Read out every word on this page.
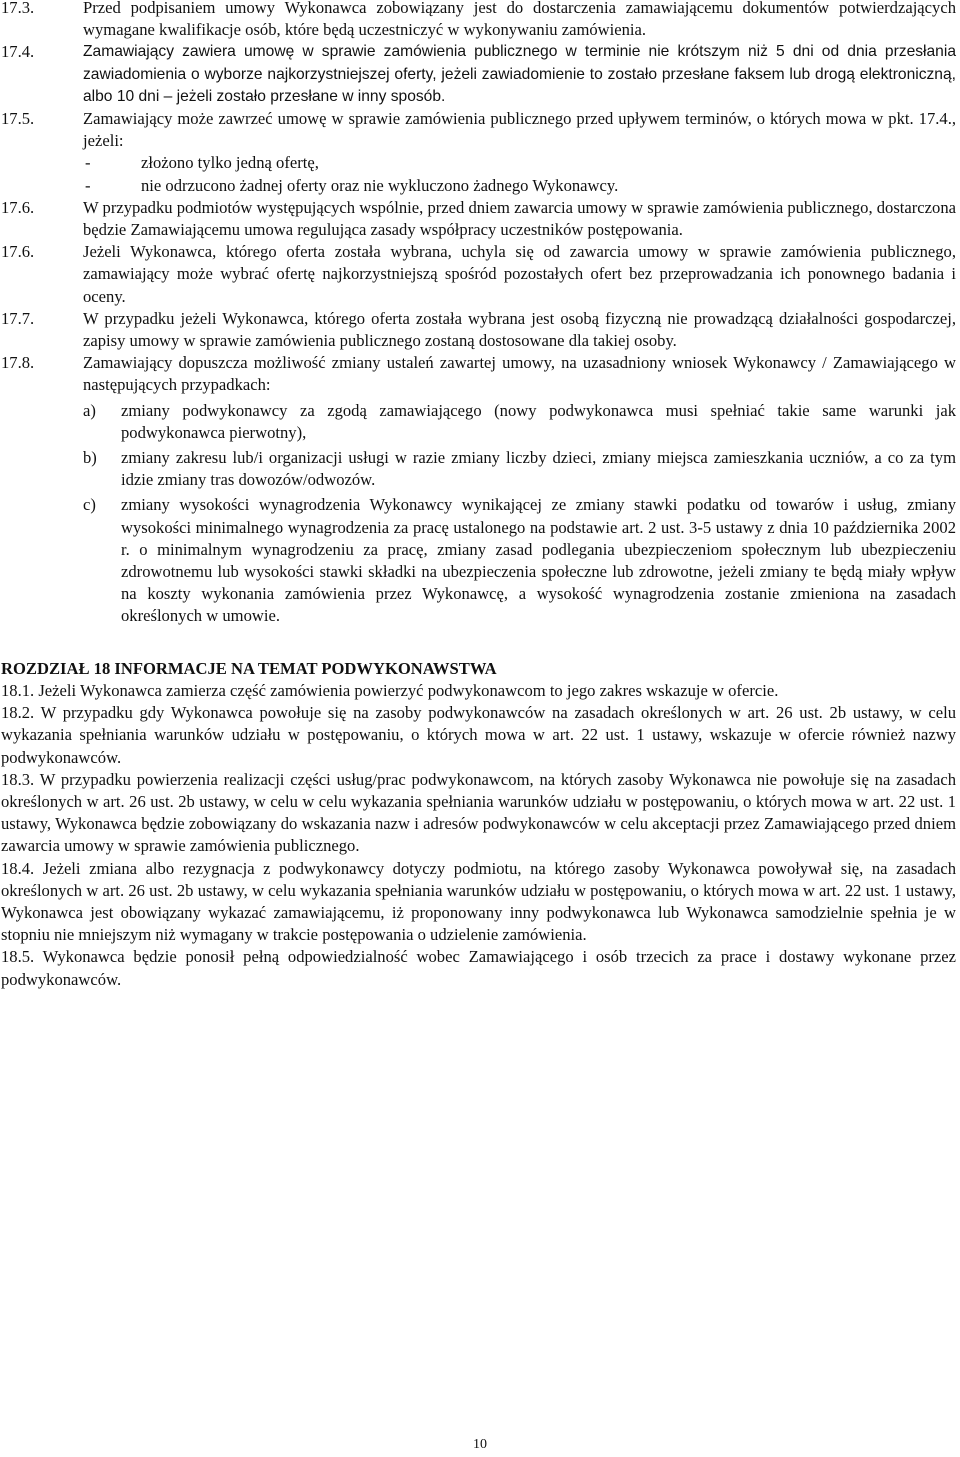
17.3.	Przed podpisaniem umowy Wykonawca zobowiązany jest do dostarczenia zamawiającemu dokumentów potwierdzających wymagane kwalifikacje osób, które będą uczestniczyć w wykonywaniu zamówienia.
17.4.	Zamawiający zawiera umowę w sprawie zamówienia publicznego w terminie nie krótszym niż 5 dni od dnia przesłania zawiadomienia o wyborze najkorzystniejszej oferty, jeżeli zawiadomienie to zostało przesłane faksem lub drogą elektroniczną, albo 10 dni – jeżeli zostało przesłane w inny sposób.
17.5.	Zamawiający może zawrzeć umowę w sprawie zamówienia publicznego przed upływem terminów, o których mowa w pkt. 17.4., jeżeli:
-	złożono tylko jedną ofertę,
-	nie odrzucono żadnej oferty oraz nie wykluczono żadnego Wykonawcy.
17.6.	W przypadku podmiotów występujących wspólnie, przed dniem zawarcia umowy w sprawie zamówienia publicznego, dostarczona będzie Zamawiającemu umowa regulująca zasady współpracy uczestników postępowania.
17.6.	Jeżeli Wykonawca, którego oferta została wybrana, uchyla się od zawarcia umowy w sprawie zamówienia publicznego, zamawiający może wybrać ofertę najkorzystniejszą spośród pozostałych ofert bez przeprowadzania ich ponownego badania i oceny.
17.7.	W przypadku jeżeli Wykonawca, którego oferta została wybrana jest osobą fizyczną nie prowadzącą działalności gospodarczej, zapisy umowy w sprawie zamówienia publicznego zostaną dostosowane dla takiej osoby.
17.8.	Zamawiający dopuszcza możliwość zmiany ustaleń zawartej umowy, na uzasadniony wniosek Wykonawcy / Zamawiającego w następujących przypadkach:
a)	zmiany podwykonawcy za zgodą zamawiającego (nowy podwykonawca musi spełniać takie same warunki jak podwykonawca pierwotny),
b)	zmiany zakresu lub/i organizacji usługi w razie zmiany liczby dzieci, zmiany miejsca zamieszkania uczniów, a co za tym idzie zmiany tras dowozów/odwozów.
c)	zmiany wysokości wynagrodzenia Wykonawcy wynikającej ze zmiany stawki podatku od towarów i usług, zmiany wysokości minimalnego wynagrodzenia za pracę ustalonego na podstawie art. 2 ust. 3-5 ustawy z dnia 10 października 2002 r. o minimalnym wynagrodzeniu za pracę, zmiany zasad podlegania ubezpieczeniom społecznym lub ubezpieczeniu zdrowotnemu lub wysokości stawki składki na ubezpieczenia społeczne lub zdrowotne, jeżeli zmiany te będą miały wpływ na koszty wykonania zamówienia przez Wykonawcę, a wysokość wynagrodzenia zostanie zmieniona na zasadach określonych w umowie.
ROZDZIAŁ 18 INFORMACJE NA TEMAT PODWYKONAWSTWA

18.1. Jeżeli Wykonawca zamierza część zamówienia powierzyć podwykonawcom to jego zakres wskazuje w ofercie.

18.2. W przypadku gdy Wykonawca powołuje się na zasoby podwykonawców na zasadach określonych w art. 26 ust. 2b ustawy, w celu wykazania spełniania warunków udziału w postępowaniu, o których mowa w art. 22 ust. 1 ustawy, wskazuje w ofercie również nazwy podwykonawców.

18.3. W przypadku powierzenia realizacji części usług/prac podwykonawcom, na których zasoby Wykonawca nie powołuje się na zasadach określonych w art. 26 ust. 2b ustawy, w celu w celu wykazania spełniania warunków udziału w postępowaniu, o których mowa w art. 22 ust. 1 ustawy, Wykonawca będzie zobowiązany do wskazania nazw i adresów podwykonawców w celu akceptacji przez Zamawiającego przed dniem zawarcia umowy w sprawie zamówienia publicznego.

18.4. Jeżeli zmiana albo rezygnacja z podwykonawcy dotyczy podmiotu, na którego zasoby Wykonawca powoływał się, na zasadach określonych w art. 26 ust. 2b ustawy, w celu wykazania spełniania warunków udziału w postępowaniu, o których mowa w art. 22 ust. 1 ustawy, Wykonawca jest obowiązany wykazać zamawiającemu, iż proponowany inny podwykonawca lub Wykonawca samodzielnie spełnia je w stopniu nie mniejszym niż wymagany w trakcie postępowania o udzielenie zamówienia.

18.5. Wykonawca będzie ponosił pełną odpowiedzialność wobec Zamawiającego i osób trzecich za prace i dostawy wykonane przez podwykonawców.

10
